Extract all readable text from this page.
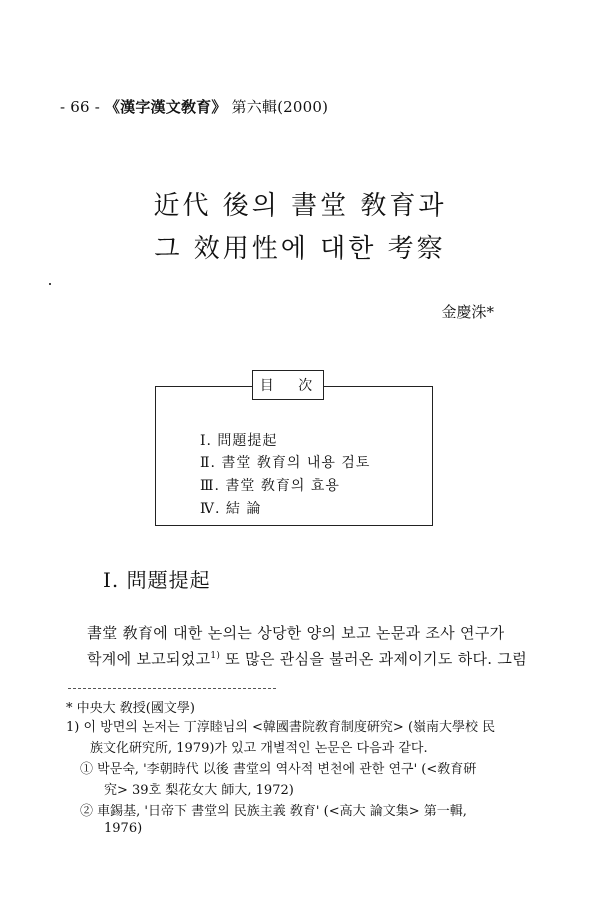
- 66 - 《漢字漢文敎育》 第六輯(2000)
近代 後의 書堂 敎育과
그 效用性에 대한 考察
金慶洙*
目 次
Ⅰ. 問題提起
Ⅱ. 書堂 敎育의 내용 검토
Ⅲ. 書堂 敎育의 효용
Ⅳ. 結 論
Ⅰ. 問題提起
書堂 敎育에 대한 논의는 상당한 양의 보고 논문과 조사 연구가
학계에 보고되었고$^{1)}$ 또 많은 관심을 불러온 과제이기도 하다. 그럼
* 中央大 敎授(國文學)
1) 이 방면의 논저는 丁淳睦님의 <韓國書院敎育制度硏究> (嶺南大學校 民
族文化硏究所, 1979)가 있고 개별적인 논문은 다음과 같다.
① 박문숙, '李朝時代 以後 書堂의 역사적 변천에 관한 연구' (<敎育硏
究> 39호 梨花女大 師大, 1972)
② 車錫基, '日帝下 書堂의 民族主義 敎育' (<高大 論文集> 第一輯,
1976)
